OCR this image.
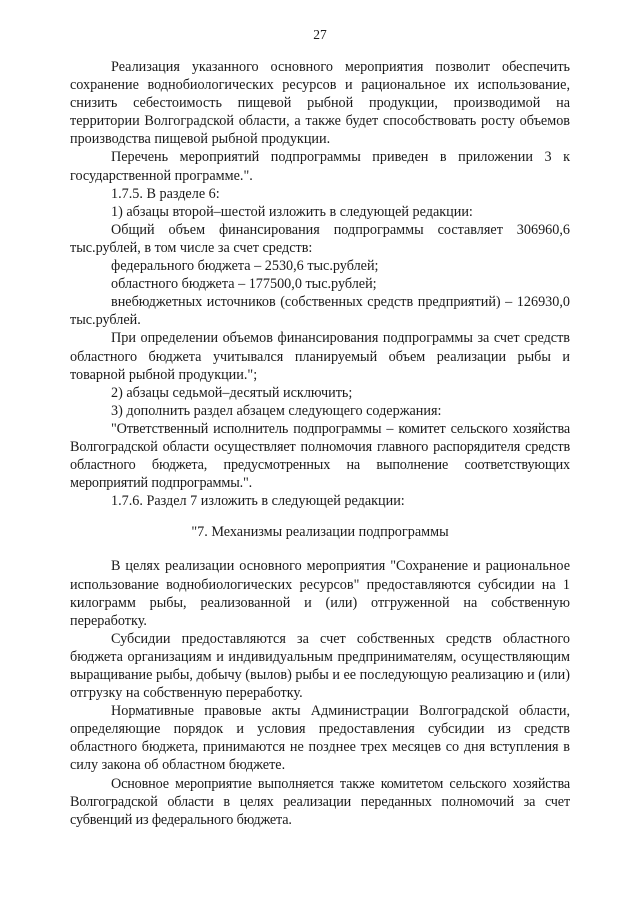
27

Реализация указанного основного мероприятия позволит обеспечить сохранение воднобиологических ресурсов и рациональное их использование, снизить себестоимость пищевой рыбной продукции, производимой на территории Волгоградской области, а также будет способствовать росту объемов производства пищевой рыбной продукции.

Перечень мероприятий подпрограммы приведен в приложении 3 к государственной программе.".

1.7.5. В разделе 6:

1) абзацы второй–шестой изложить в следующей редакции:

Общий объем финансирования подпрограммы составляет 306960,6 тыс.рублей, в том числе за счет средств:

федерального бюджета – 2530,6 тыс.рублей;

областного бюджета – 177500,0 тыс.рублей;

внебюджетных источников (собственных средств предприятий) – 126930,0 тыс.рублей.

При определении объемов финансирования подпрограммы за счет средств областного бюджета учитывался планируемый объем реализации рыбы и товарной рыбной продукции.";

2) абзацы седьмой–десятый исключить;

3) дополнить раздел абзацем следующего содержания:

"Ответственный исполнитель подпрограммы – комитет сельского хозяйства Волгоградской области осуществляет полномочия главного распорядителя средств областного бюджета, предусмотренных на выполнение соответствующих мероприятий подпрограммы.".

1.7.6. Раздел 7 изложить в следующей редакции:

"7. Механизмы реализации подпрограммы

В целях реализации основного мероприятия "Сохранение и рациональное использование воднобиологических ресурсов" предоставляются субсидии на 1 килограмм рыбы, реализованной и (или) отгруженной на собственную переработку.

Субсидии предоставляются за счет собственных средств областного бюджета организациям и индивидуальным предпринимателям, осуществляющим выращивание рыбы, добычу (вылов) рыбы и ее последующую реализацию и (или) отгрузку на собственную переработку.

Нормативные правовые акты Администрации Волгоградской области, определяющие порядок и условия предоставления субсидии из средств областного бюджета, принимаются не позднее трех месяцев со дня вступления в силу закона об областном бюджете.

Основное мероприятие выполняется также комитетом сельского хозяйства Волгоградской области в целях реализации переданных полномочий за счет субвенций из федерального бюджета.
